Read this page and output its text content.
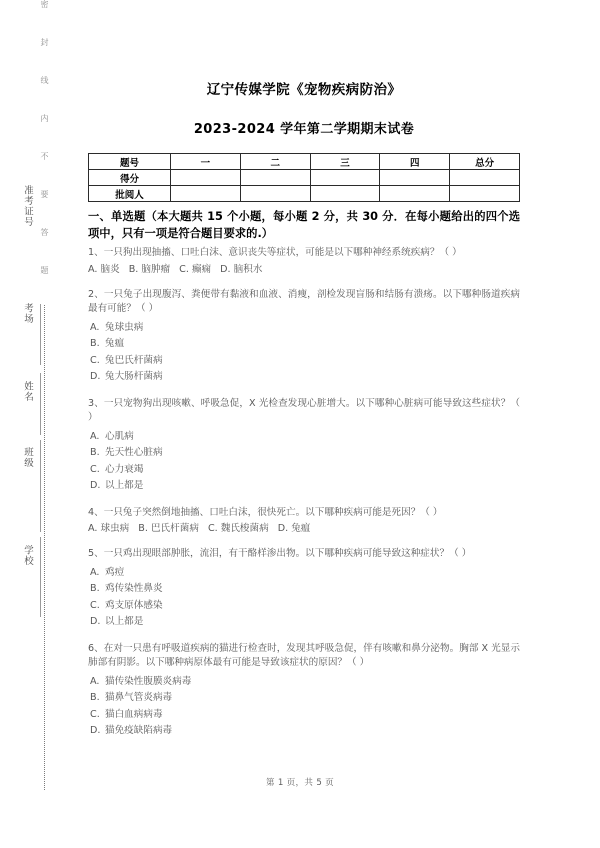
准考证号
考场
姓名
班级
学校
密封线内不要答题	辽宁传媒学院《宠物疾病防治》
2023-2024 学年第二学期期末试卷
题号	一	二	三	四	总分
得分					
批阅人					
一、单选题（本大题共 15 个小题，每小题 2 分，共 30 分．在每小题给出的四个选项中，只有一项是符合题目要求的.）
1、一只狗出现抽搐、口吐白沫、意识丧失等症状，可能是以下哪种神经系统疾病？（ ）
A. 脑炎 B. 脑肿瘤 C. 癫痫 D. 脑积水
2、一只兔子出现腹泻、粪便带有黏液和血液、消瘦，剖检发现盲肠和结肠有溃疡。以下哪种肠道疾病最有可能？（ ）
A. 兔球虫病
B. 兔瘟
C. 兔巴氏杆菌病
D. 兔大肠杆菌病
3、一只宠物狗出现咳嗽、呼吸急促，X 光检查发现心脏增大。以下哪种心脏病可能导致这些症状？（ ）
A. 心肌病
B. 先天性心脏病
C. 心力衰竭
D. 以上都是
4、一只兔子突然倒地抽搐、口吐白沫，很快死亡。以下哪种疾病可能是死因？（ ）
A. 球虫病 B. 巴氏杆菌病 C. 魏氏梭菌病 D. 兔瘟
5、一只鸡出现眼部肿胀，流泪，有干酪样渗出物。以下哪种疾病可能导致这种症状？（ ）
A. 鸡痘
B. 鸡传染性鼻炎
C. 鸡支原体感染
D. 以上都是
6、在对一只患有呼吸道疾病的猫进行检查时，发现其呼吸急促，伴有咳嗽和鼻分泌物。胸部 X 光显示肺部有阴影。以下哪种病原体最有可能是导致该症状的原因？（ ）
A. 猫传染性腹膜炎病毒
B. 猫鼻气管炎病毒
C. 猫白血病病毒
D. 猫免疫缺陷病毒
第 1 页，共 5 页
